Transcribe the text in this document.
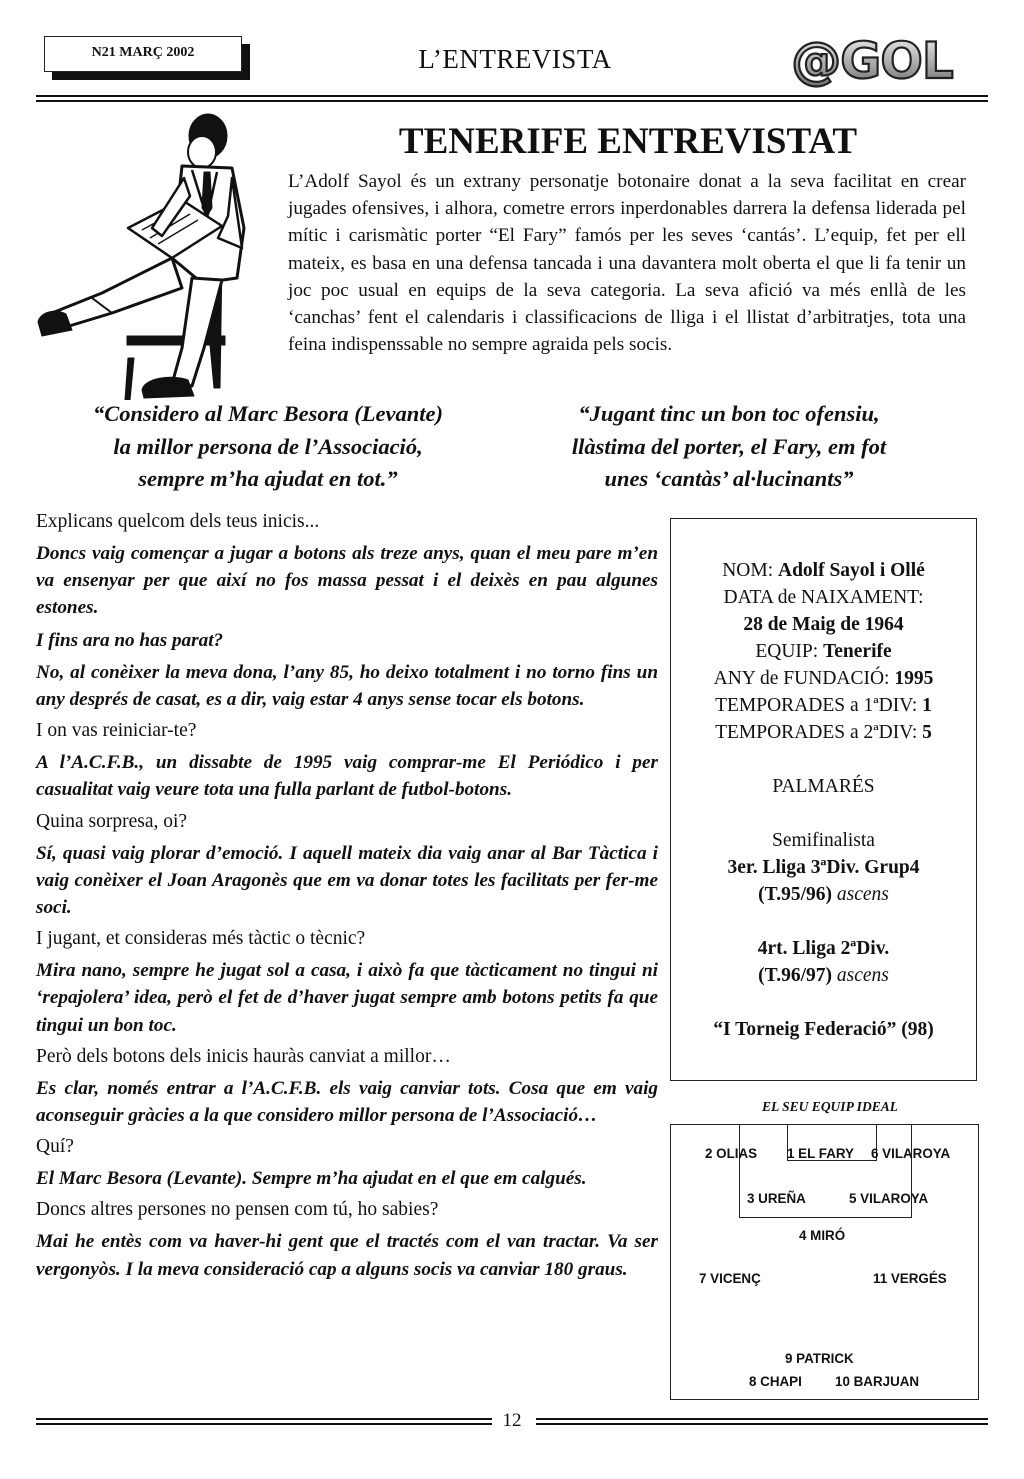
N21 MARÇ 2002	L’ENTREVISTA	@GOL
TENERIFE ENTREVISTAT

L’Adolf Sayol és un extrany personatje botonaire donat a la seva facilitat en crear jugades ofensives, i alhora, cometre errors inperdonables darrera la defensa liderada pel mític i carismàtic porter “El Fary” famós per les seves ‘cantás’. L’equip, fet per ell mateix, es basa en una defensa tancada i una davantera molt oberta el que li fa tenir un joc poc usual en equips de la seva categoria. La seva afició va més enllà de les ‘canchas’ fent el calendaris i classificacions de lliga i el llistat d’arbitratjes, tota una feina indispenssable no sempre agraida pels socis.

“Considero al Marc Besora (Levante)
la millor persona de l’Associació,
sempre m’ha ajudat en tot.”
“Jugant tinc un bon toc ofensiu,
llàstima del porter, el Fary, em fot
unes ‘cantàs’ al·lucinants”

Explicans quelcom dels teus inicis...

Doncs vaig començar a jugar a botons als treze anys, quan el meu pare m’en va ensenyar per que així no fos massa pessat i el deixès en pau algunes estones.

I fins ara no has parat?

No, al conèixer la meva dona, l’any 85, ho deixo totalment i no torno fins un any després de casat, es a dir, vaig estar 4 anys sense tocar els botons.

I on vas reiniciar-te?

A l’A.C.F.B., un dissabte de 1995 vaig comprar-me El Periódico i per casualitat vaig veure tota una fulla parlant de futbol-botons.

Quina sorpresa, oi?

Sí, quasi vaig plorar d’emoció. I aquell mateix dia vaig anar al Bar Tàctica i vaig conèixer el Joan Aragonès que em va donar totes les facilitats per fer-me soci.

I jugant, et consideras més tàctic o tècnic?

Mira nano, sempre he jugat sol a casa, i això fa que tàcticament no tingui ni ‘repajolera’ idea, però el fet de d’haver jugat sempre amb botons petits fa que tingui un bon toc.

Però dels botons dels inicis hauràs canviat a millor…

Es clar, només entrar a l’A.C.F.B. els vaig canviar tots. Cosa que em vaig aconseguir gràcies a la que considero millor persona de l’Associació…

Quí?

El Marc Besora (Levante). Sempre m’ha ajudat en el que em calgués.

Doncs altres persones no pensen com tú, ho sabies?

Mai he entès com va haver-hi gent que el tractés com el van tractar. Va ser vergonyòs. I la meva consideració cap a alguns socis va canviar 180 graus.

NOM: Adolf Sayol i Ollé
DATA de NAIXAMENT:
28 de Maig de 1964
EQUIP: Tenerife
ANY de FUNDACIÓ: 1995
TEMPORADES a 1ªDIV: 1
TEMPORADES a 2ªDIV: 5
PALMARÉS
Semifinalista
3er. Lliga 3ªDiv. Grup4
(T.95/96) ascens
4rt. Lliga 2ªDiv.
(T.96/97) ascens
“I Torneig Federació” (98)
EL SEU EQUIP IDEAL
2 OLIAS 1 EL FARY 6 VILAROYA
3 UREÑA	5 VILAROYA
4 MIRÓ
7 VICENÇ	11 VERGÉS
9 PATRICK
8 CHAPI 10 BARJUAN
12
